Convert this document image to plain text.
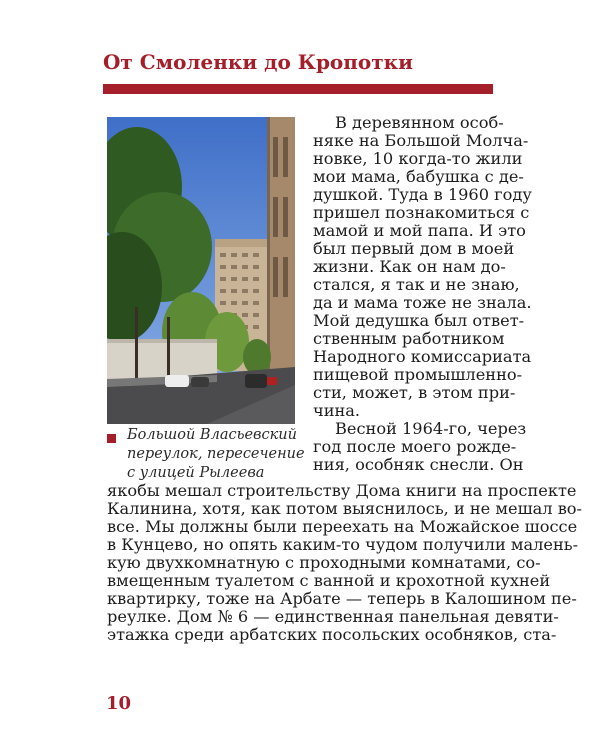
От Смоленки до Кропотки
Большой Власьевский
переулок, пересечение
с улицей Рылеева
В деревянном особ-
няке на Большой Молча-
новке, 10 когда-то жили
мои мама, бабушка с де-
душкой. Туда в 1960 году
пришел познакомиться с
мамой и мой папа. И это
был первый дом в моей
жизни. Как он нам до-
стался, я так и не знаю,
да и мама тоже не знала.
Мой дедушка был ответ-
ственным работником
Народного комиссариата
пищевой промышленно-
сти, может, в этом при-
чина.
Весной 1964-го, через
год после моего рожде-
ния, особняк снесли. Он
якобы мешал строительству Дома книги на проспекте
Калинина, хотя, как потом выяснилось, и не мешал во-
все. Мы должны были переехать на Можайское шоссе
в Кунцево, но опять каким-то чудом получили малень-
кую двухкомнатную с проходными комнатами, со-
вмещенным туалетом с ванной и крохотной кухней
квартирку, тоже на Арбате — теперь в Калошином пе-
реулке. Дом № 6 — единственная панельная девяти-
этажка среди арбатских посольских особняков, ста-
10
